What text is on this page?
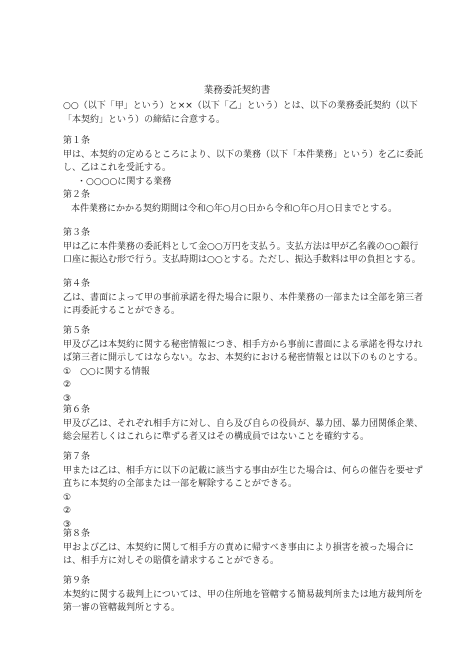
業務委託契約書
○○（以下「甲」という）と××（以下「乙」という）とは、以下の業務委託契約（以下
「本契約」という）の締結に合意する。
第１条
甲は、本契約の定めるところにより、以下の業務（以下「本件業務」という）を乙に委託
し、乙はこれを受託する。
・○○○○に関する業務
第２条
本件業務にかかる契約期間は令和○年○月○日から令和○年○月○日までとする。
第３条
甲は乙に本件業務の委託料として金○○万円を支払う。支払方法は甲が乙名義の○○銀行
口座に振込む形で行う。支払時期は○○とする。ただし、振込手数料は甲の負担とする。
第４条
乙は、書面によって甲の事前承諾を得た場合に限り、本件業務の一部または全部を第三者
に再委託することができる。
第５条
甲及び乙は本契約に関する秘密情報につき、相手方から事前に書面による承諾を得なけれ
ば第三者に開示してはならない。なお、本契約における秘密情報とは以下のものとする。
①　○○に関する情報
②
③
第６条
甲及び乙は、それぞれ相手方に対し、自ら及び自らの役員が、暴力団、暴力団関係企業、
総会屋若しくはこれらに準ずる者又はその構成員ではないことを確約する。
第７条
甲または乙は、相手方に以下の記載に該当する事由が生じた場合は、何らの催告を要せず
直ちに本契約の全部または一部を解除することができる。
①
②
③
第８条
甲および乙は、本契約に関して相手方の責めに帰すべき事由により損害を被った場合に
は、相手方に対しその賠償を請求することができる。
第９条
本契約に関する裁判上については、甲の住所地を管轄する簡易裁判所または地方裁判所を
第一審の管轄裁判所とする。
